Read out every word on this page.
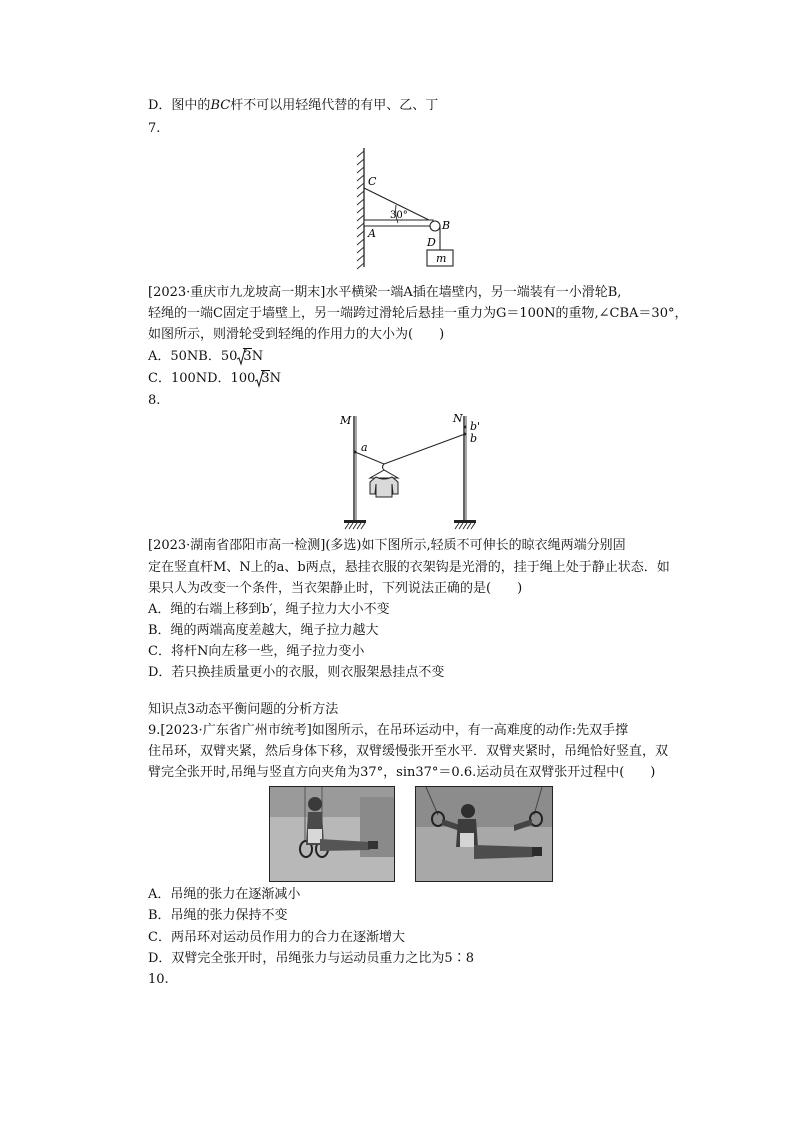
D．图中的BC杆不可以用轻绳代替的有甲、乙、丁
7.
C
30°
A
B
D
m
[2023·重庆市九龙坡高一期末]水平横梁一端A插在墙壁内，另一端装有一小滑轮B,
轻绳的一端C固定于墙壁上，另一端跨过滑轮后悬挂一重力为G＝100N的重物,∠CBA＝30°，
如图所示，则滑轮受到轻绳的作用力的大小为(　　)
A．50NB．50 3N
C．100ND．100 3N
8.
M	N
a
b'
b
[2023·湖南省邵阳市高一检测](多选)如下图所示,轻质不可伸长的晾衣绳两端分别固
定在竖直杆M、N上的a、b两点，悬挂衣服的衣架钩是光滑的，挂于绳上处于静止状态．如
果只人为改变一个条件，当衣架静止时，下列说法正确的是(　　)
A．绳的右端上移到b′，绳子拉力大小不变
B．绳的两端高度差越大，绳子拉力越大
C．将杆N向左移一些，绳子拉力变小
D．若只换挂质量更小的衣服，则衣服架悬挂点不变
知识点3动态平衡问题的分析方法
9.[2023·广东省广州市统考]如图所示，在吊环运动中，有一高难度的动作:先双手撑
住吊环，双臂夹紧，然后身体下移，双臂缓慢张开至水平．双臂夹紧时，吊绳恰好竖直，双
臂完全张开时,吊绳与竖直方向夹角为37°，sin37°＝0.6.运动员在双臂张开过程中(　　)
A．吊绳的张力在逐渐减小
B．吊绳的张力保持不变
C．两吊环对运动员作用力的合力在逐渐增大
D．双臂完全张开时，吊绳张力与运动员重力之比为5∶8
10.
